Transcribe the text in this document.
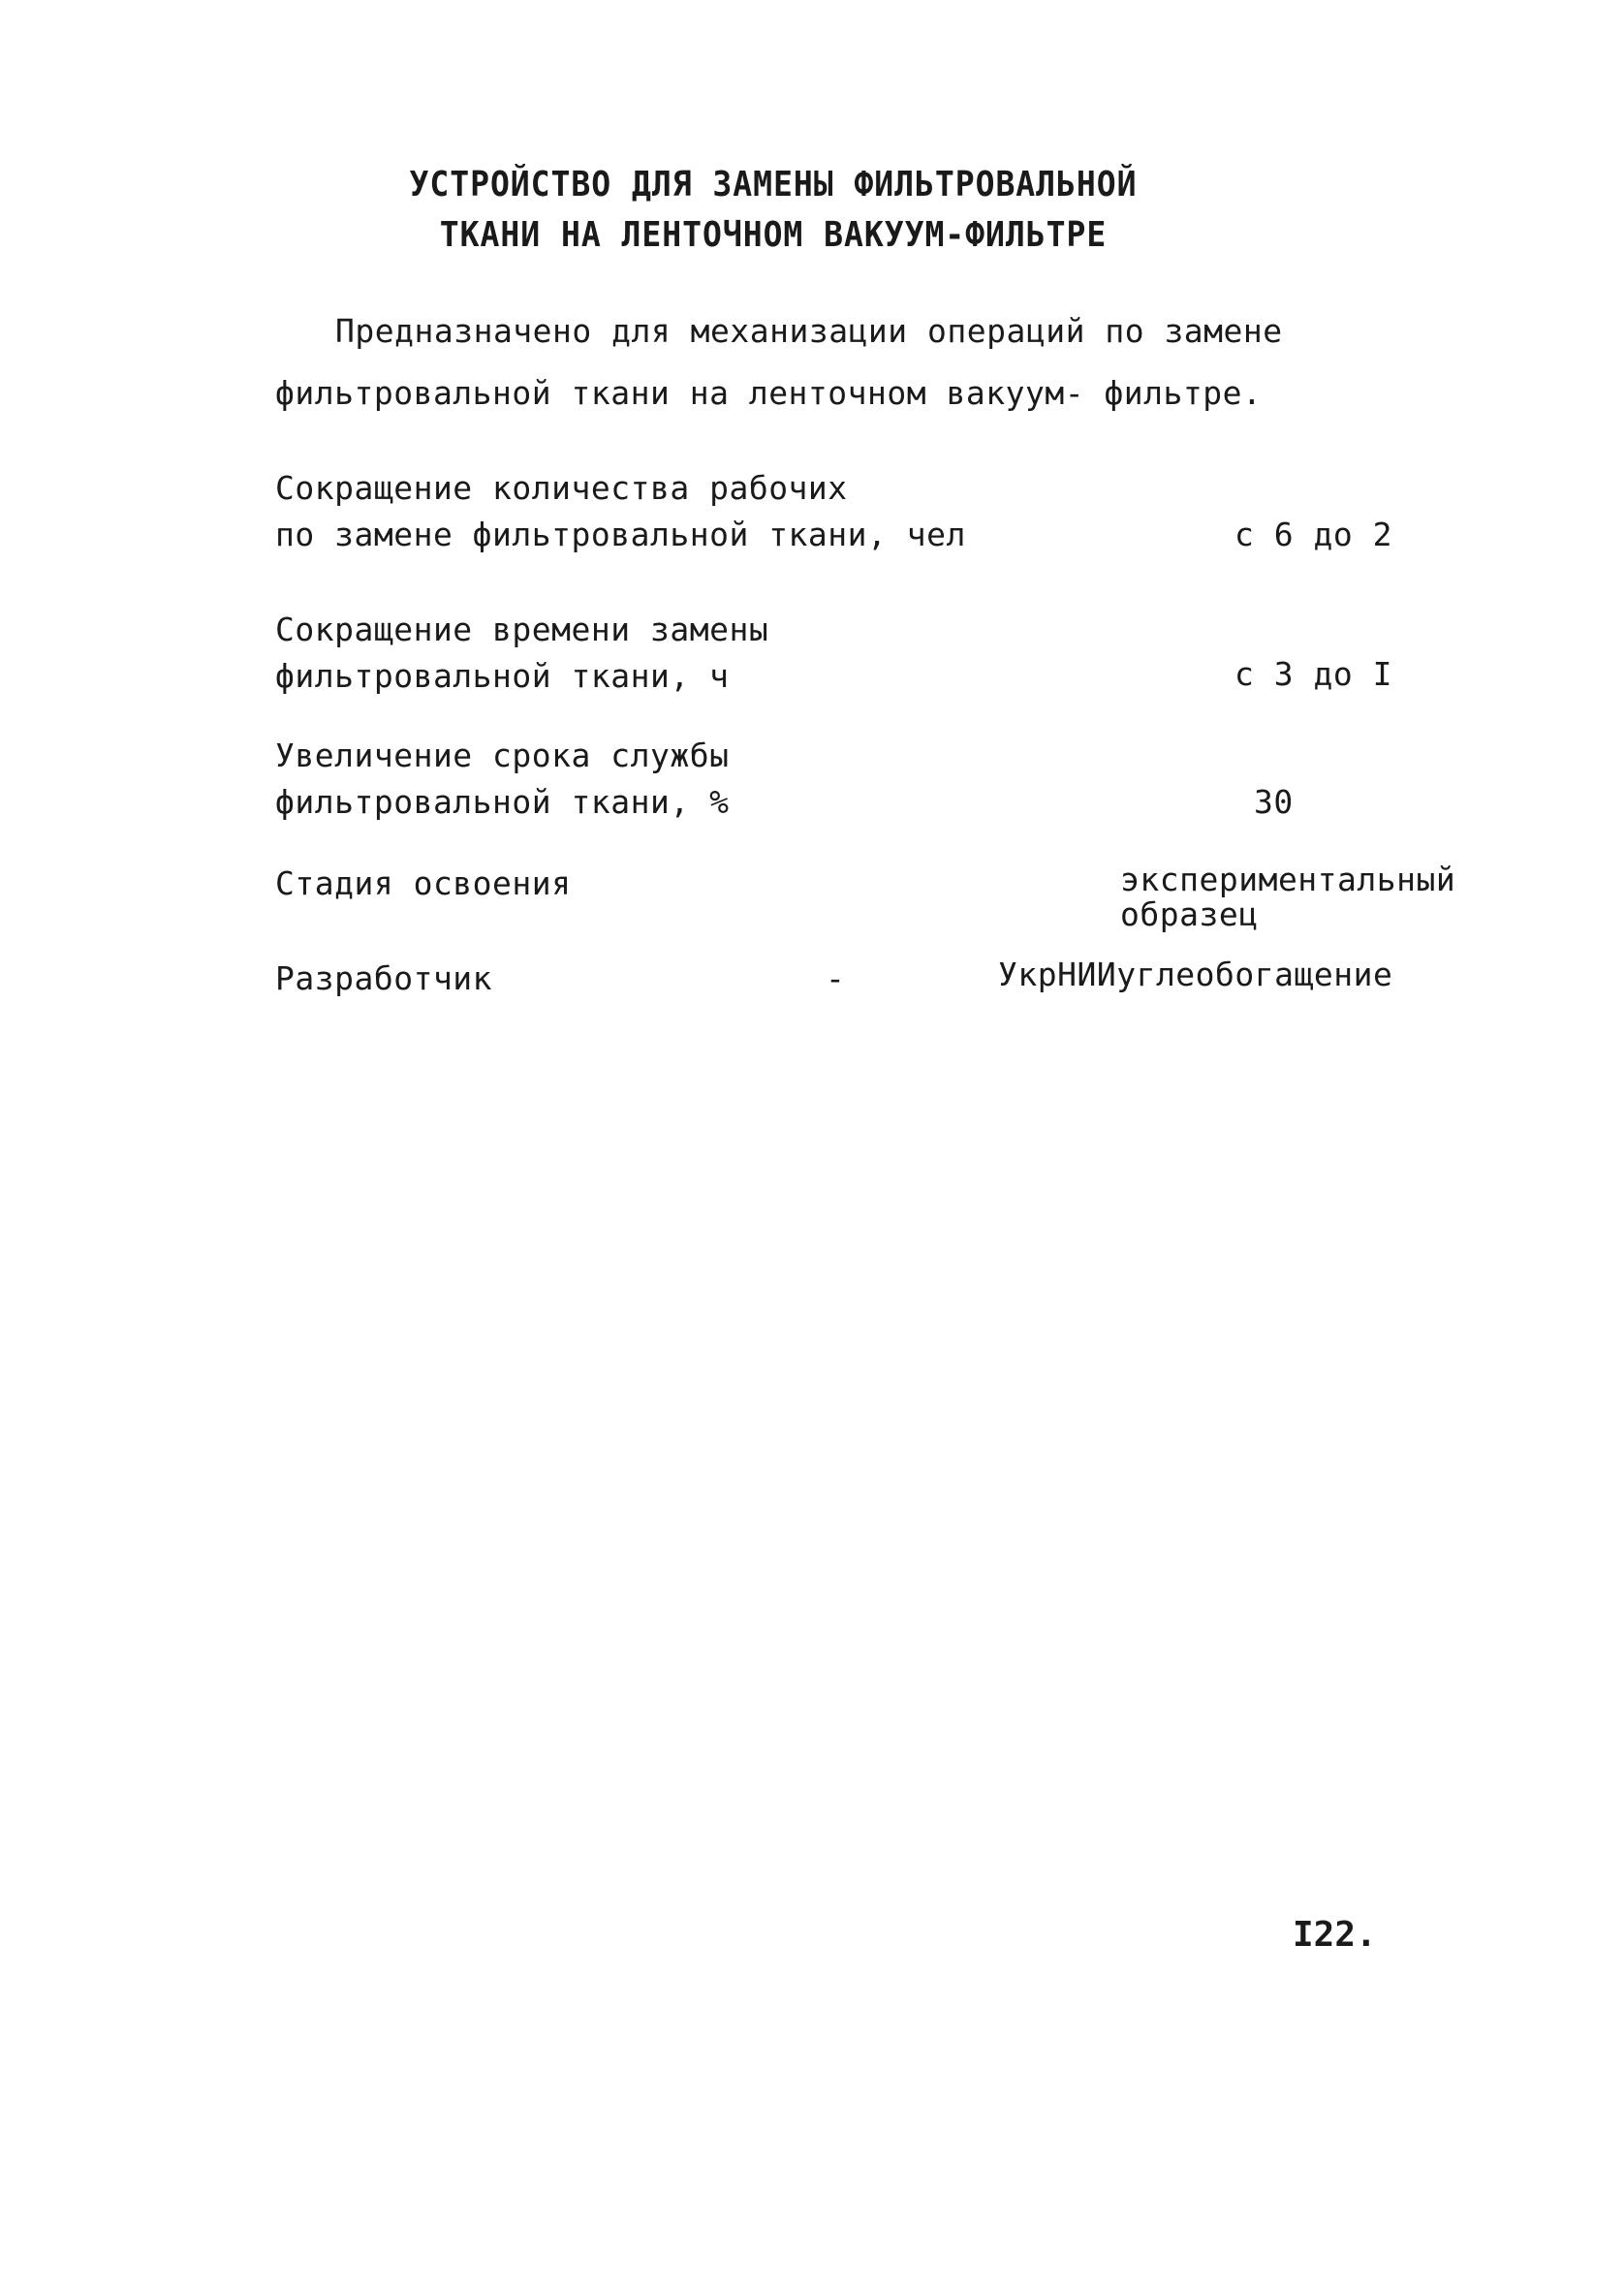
УСТРОЙСТВО ДЛЯ ЗАМЕНЫ ФИЛЬТРОВАЛЬНОЙ
ТКАНИ НА ЛЕНТОЧНОМ ВАКУУМ-ФИЛЬТРЕ
Предназначено для механизации операций по замене
фильтровальной ткани на ленточном вакуум- фильтре.
Сокращение количества рабочих
по замене фильтровальной ткани, чел	с 6 до 2
Сокращение времени замены
фильтровальной ткани, ч	с 3 до I
Увеличение срока службы
фильтровальной ткани, %	30
Стадия освоения	экспериментальный
образец
Разработчик	-	УкрНИИуглеобогащение
I22.
